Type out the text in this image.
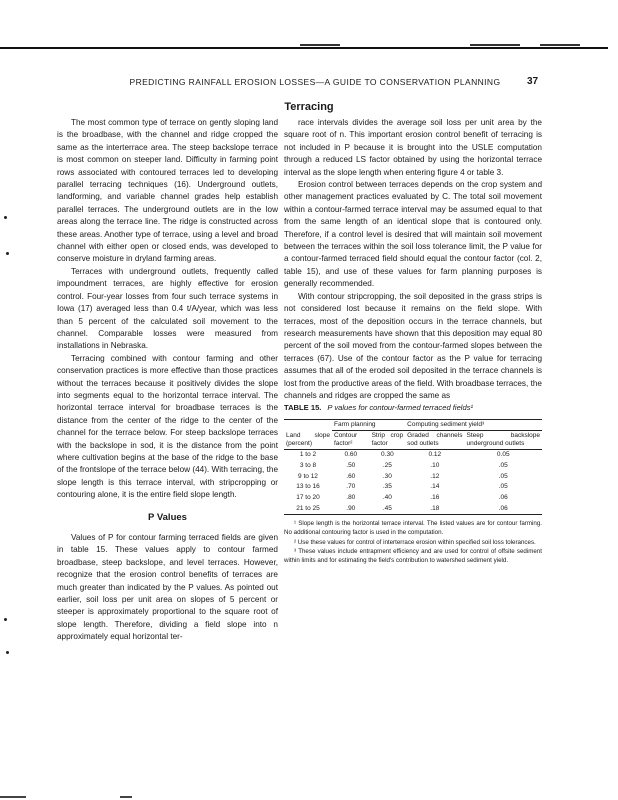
PREDICTING RAINFALL EROSION LOSSES—A GUIDE TO CONSERVATION PLANNING	37
Terracing

The most common type of terrace on gently sloping land is the broadbase, with the channel and ridge cropped the same as the interterrace area. The steep backslope terrace is most common on steeper land. Difficulty in farming point rows associated with contoured terraces led to developing parallel terracing techniques (16). Underground outlets, landforming, and variable channel grades help establish parallel terraces. The underground outlets are in the low areas along the terrace line. The ridge is constructed across these areas. Another type of terrace, using a level and broad channel with either open or closed ends, was developed to conserve moisture in dryland farming areas.

Terraces with underground outlets, frequently called impoundment terraces, are highly effective for erosion control. Four-year losses from four such terrace systems in Iowa (17) averaged less than 0.4 t/A/year, which was less than 5 percent of the calculated soil movement to the channel. Comparable losses were measured from installations in Nebraska.

Terracing combined with contour farming and other conservation practices is more effective than those practices without the terraces because it positively divides the slope into segments equal to the horizontal terrace interval. The horizontal terrace interval for broadbase terraces is the distance from the center of the ridge to the center of the channel for the terrace below. For steep backslope terraces with the backslope in sod, it is the distance from the point where cultivation begins at the base of the ridge to the base of the frontslope of the terrace below (44). With terracing, the slope length is this terrace interval, with stripcropping or contouring alone, it is the entire field slope length.

P Values

Values of P for contour farming terraced fields are given in table 15. These values apply to contour farmed broadbase, steep backslope, and level terraces. However, recognize that the erosion control benefits of terraces are much greater than indicated by the P values. As pointed out earlier, soil loss per unit area on slopes of 5 percent or steeper is approximately proportional to the square root of slope length. Therefore, dividing a field slope into n approximately equal horizontal ter-

race intervals divides the average soil loss per unit area by the square root of n. This important erosion control benefit of terracing is not included in P because it is brought into the USLE computation through a reduced LS factor obtained by using the horizontal terrace interval as the slope length when entering figure 4 or table 3.

Erosion control between terraces depends on the crop system and other management practices evaluated by C. The total soil movement within a contour-farmed terrace interval may be assumed equal to that from the same length of an identical slope that is contoured only. Therefore, if a control level is desired that will maintain soil movement between the terraces within the soil loss tolerance limit, the P value for a contour-farmed terraced field should equal the contour factor (col. 2, table 15), and use of these values for farm planning purposes is generally recommended.

With contour stripcropping, the soil deposited in the grass strips is not considered lost because it remains on the field slope. With terraces, most of the deposition occurs in the terrace channels, but research measurements have shown that this deposition may equal 80 percent of the soil moved from the contour-farmed slopes between the terraces (67). Use of the contour factor as the P value for terracing assumes that all of the eroded soil deposited in the terrace channels is lost from the productive areas of the field. With broadbase terraces, the channels and ridges are cropped the same as

TABLE 15. P values for contour-farmed terraced fields¹

Land slope (percent)	Farm planning		Computing sediment yield³	
	Contour factor²	Strip crop factor	Graded channels sod outlets	Steep backslope underground outlets
1 to 2	0.60	0.30	0.12	0.05
3 to 8	.50	.25	.10	.05
9 to 12	.60	.30	.12	.05
13 to 16	.70	.35	.14	.05
17 to 20	.80	.40	.16	.06
21 to 25	.90	.45	.18	.06

¹ Slope length is the horizontal terrace interval. The listed values are for contour farming. No additional contouring factor is used in the computation.

² Use these values for control of interterrace erosion within specified soil loss tolerances.

³ These values include entrapment efficiency and are used for control of offsite sediment within limits and for estimating the field's contribution to watershed sediment yield.
